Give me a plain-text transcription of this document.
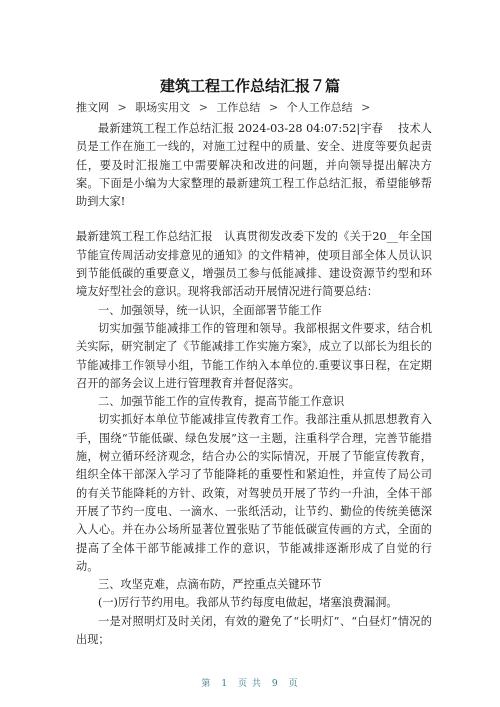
建筑工程工作总结汇报７篇
推文网 > 职场实用文 > 工作总结 > 个人工作总结 >

最新建筑工程工作总结汇报 2024-03-28 04:07:52|宇春　 技术人员是工作在施工一线的，对施工过程中的质量、安全、进度等要负起责任，要及时汇报施工中需要解决和改进的问题，并向领导提出解决方案。下面是小编为大家整理的最新建筑工程工作总结汇报，希望能够帮助到大家!

最新建筑工程工作总结汇报　认真贯彻发改委下发的《关于20__年全国节能宣传周活动安排意见的通知》的文件精神，使项目部全体人员认识到节能低碳的重要意义，增强员工参与低能减排、建设资源节约型和环境友好型社会的意识。现将我部活动开展情况进行简要总结：

一、加强领导，统一认识，全面部署节能工作

切实加强节能减排工作的管理和领导。我部根据文件要求，结合机关实际，研究制定了《节能减排工作实施方案》，成立了以部长为组长的节能减排工作领导小组，节能工作纳入本单位的.重要议事日程，在定期召开的部务会议上进行管理教育并督促落实。

二、加强节能工作的宣传教育，提高节能工作意识

切实抓好本单位节能减排宣传教育工作。我部注重从抓思想教育入手，围绕“节能低碳、绿色发展”这一主题，注重科学合理，完善节能措施，树立循环经济观念，结合办公的实际情况，开展了节能宣传教育，组织全体干部深入学习了节能降耗的重要性和紧迫性，并宣传了局公司的有关节能降耗的方针、政策，对驾驶员开展了节约一升油，全体干部开展了节约一度电、一滴水、一张纸活动，让节约、勤俭的传统美德深入人心。并在办公场所显著位置张贴了节能低碳宣传画的方式，全面的提高了全体干部节能减排工作的意识，节能减排逐渐形成了自觉的行动。

三、攻坚克难，点滴布防，严控重点关键环节

(一)厉行节约用电。我部从节约每度电做起，堵塞浪费漏洞。

一是对照明灯及时关闭，有效的避免了“长明灯”、“白昼灯”情况的出现；

第　1　页 共　9　页
